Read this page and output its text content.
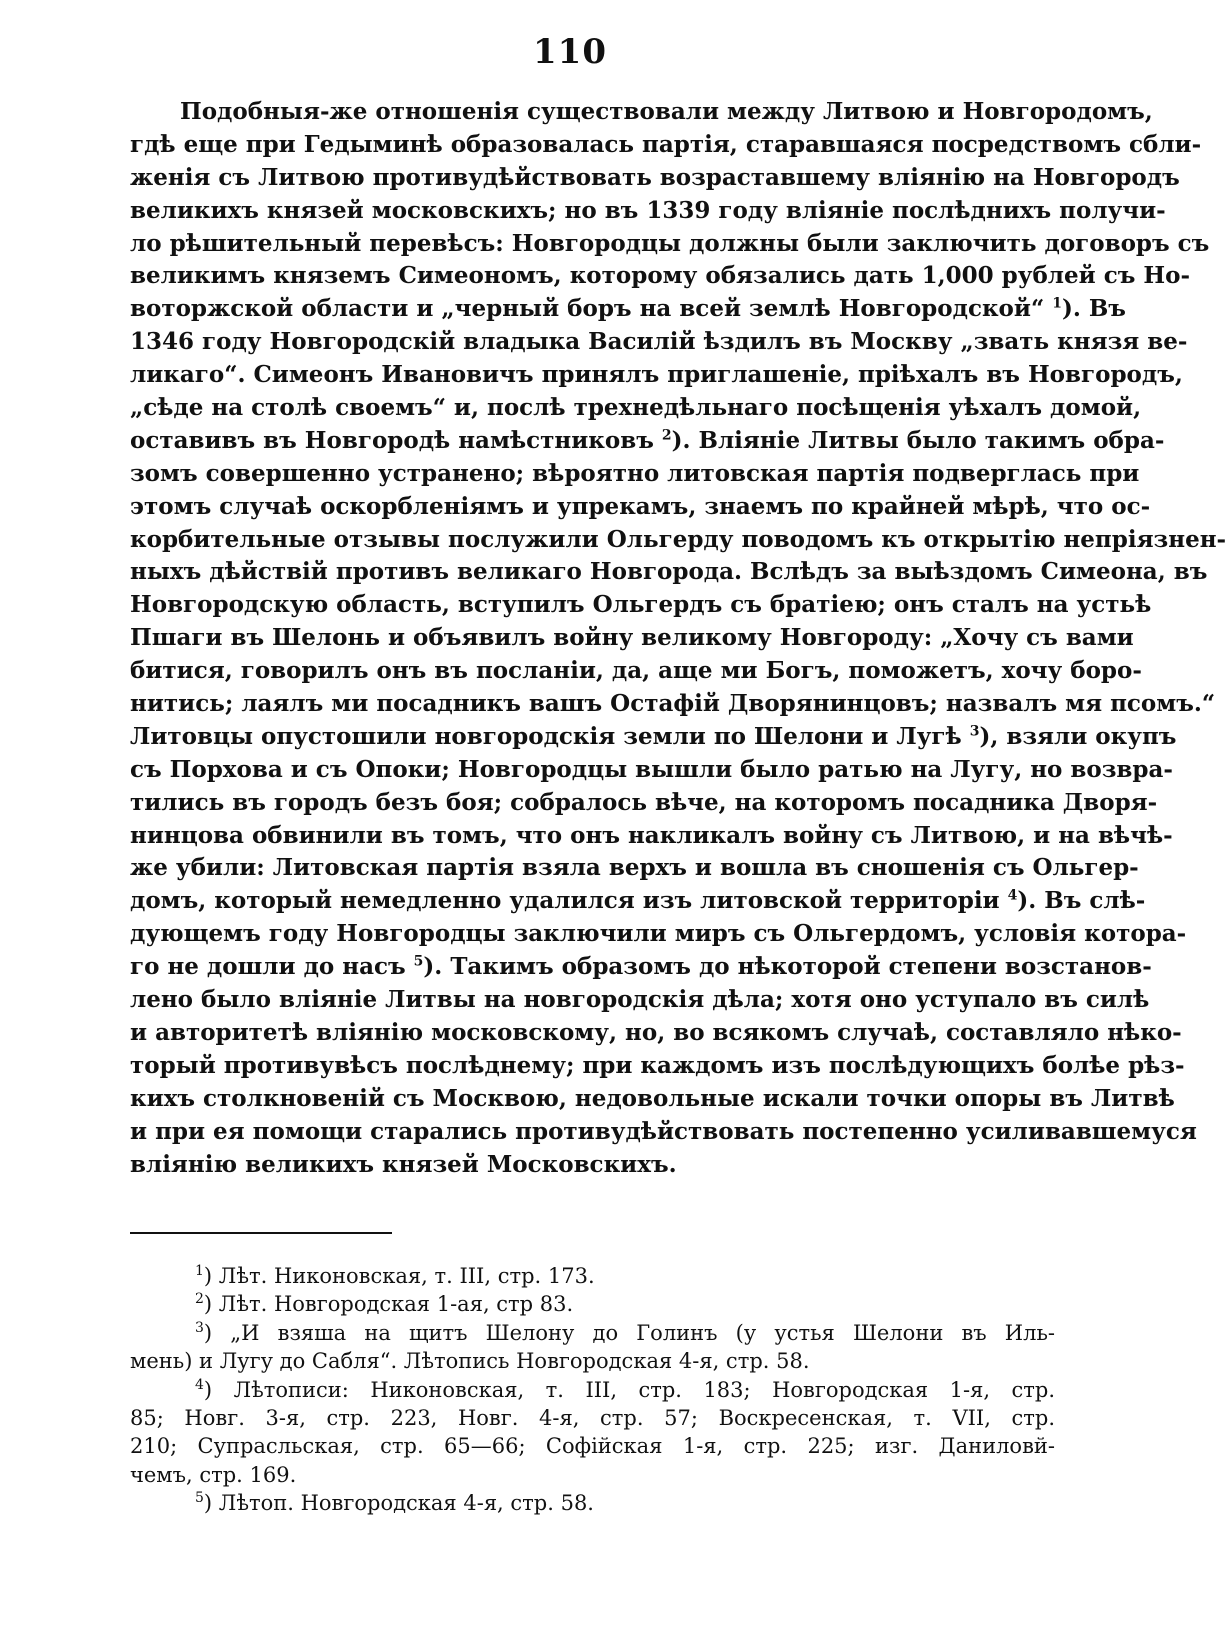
110
Подобныя-же отношенія существовали между Литвою и Новгородомъ,
гдѣ еще при Гедыминѣ образовалась партія, старавшаяся посредствомъ сбли-
женія съ Литвою противудѣйствовать возраставшему вліянію на Новгородъ
великихъ князей московскихъ; но въ 1339 году вліяніе послѣднихъ получи-
ло рѣшительный перевѣсъ: Новгородцы должны были заключить договоръ съ
великимъ княземъ Симеономъ, которому обязались дать 1,000 рублей съ Но-
воторжской области и „черный боръ на всей землѣ Новгородской“ $^1$). Въ
1346 году Новгородскій владыка Василій ѣздилъ въ Москву „звать князя ве-
ликаго“. Симеонъ Ивановичъ принялъ приглашеніе, пріѣхалъ въ Новгородъ,
„сѣде на столѣ своемъ“ и, послѣ трехнедѣльнаго посѣщенія уѣхалъ домой,
оставивъ въ Новгородѣ намѣстниковъ $^2$). Вліяніе Литвы было такимъ обра-
зомъ совершенно устранено; вѣроятно литовская партія подверглась при
этомъ случаѣ оскорбленіямъ и упрекамъ, знаемъ по крайней мѣрѣ, что ос-
корбительные отзывы послужили Ольгерду поводомъ къ открытію непріязнен-
ныхъ дѣйствій противъ великаго Новгорода. Вслѣдъ за выѣздомъ Симеона, въ
Новгородскую область, вступилъ Ольгердъ съ братіею; онъ сталъ на устьѣ
Пшаги въ Шелонь и объявилъ войну великому Новгороду: „Хочу съ вами
битися, говорилъ онъ въ посланіи, да, аще ми Богъ, поможетъ, хочу боро-
нитись; лаялъ ми посадникъ вашъ Остафій Дворянинцовъ; назвалъ мя псомъ.“
Литовцы опустошили новгородскія земли по Шелони и Лугѣ $^3$), взяли окупъ
съ Порхова и съ Опоки; Новгородцы вышли было ратью на Лугу, но возвра-
тились въ городъ безъ боя; собралось вѣче, на которомъ посадника Дворя-
нинцова обвинили въ томъ, что онъ накликалъ войну съ Литвою, и на вѣчѣ-
же убили: Литовская партія взяла верхъ и вошла въ сношенія съ Ольгер-
домъ, который немедленно удалился изъ литовской территоріи $^4$). Въ слѣ-
дующемъ году Новгородцы заключили миръ съ Ольгердомъ, условія котора-
го не дошли до насъ $^5$). Такимъ образомъ до нѣкоторой степени возстанов-
лено было вліяніе Литвы на новгородскія дѣла; хотя оно уступало въ силѣ
и авторитетѣ вліянію московскому, но, во всякомъ случаѣ, составляло нѣко-
торый противувѣсъ послѣднему; при каждомъ изъ послѣдующихъ болѣе рѣз-
кихъ столкновеній съ Москвою, недовольные искали точки опоры въ Литвѣ
и при ея помощи старались противудѣйствовать постепенно усиливавшемуся
вліянію великихъ князей Московскихъ.
$^1$) Лѣт. Никоновская, т. III, стр. 173.
$^2$) Лѣт. Новгородская 1-ая, стр 83.
$^3$) „И взяша на щитъ Шелону до Голинъ (у устья Шелони въ Иль-
мень) и Лугу до Сабля“. Лѣтопись Новгородская 4-я, стр. 58.
$^4$) Лѣтописи: Никоновская, т. III, стр. 183; Новгородская 1-я, стр.
85; Новг. 3-я, стр. 223, Новг. 4-я, стр. 57; Воскресенская, т. VII, стр.
210; Супрасльская, стр. 65—66; Софійская 1-я, стр. 225; изг. Даниловй-
чемъ, стр. 169.
$^5$) Лѣтоп. Новгородская 4-я, стр. 58.
